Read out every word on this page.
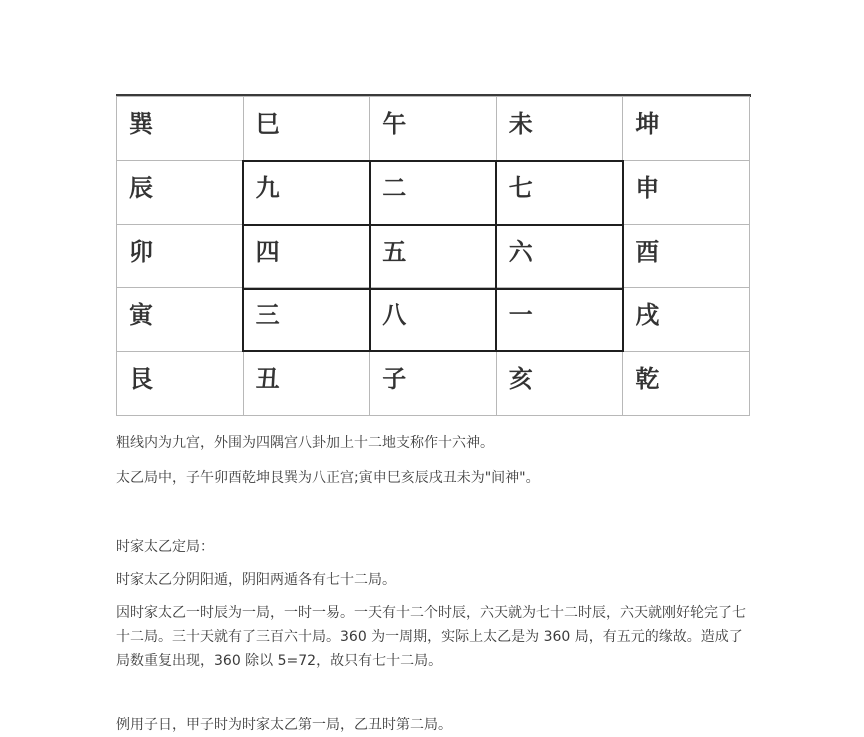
巽	巳	午	未	坤

辰	九	二	七	申

卯	四	五	六	酉

寅	三	八	一	戌

艮	丑	子	亥	乾

粗线内为九宫，外围为四隅宫八卦加上十二地支称作十六神。

太乙局中，子午卯酉乾坤艮巽为八正宫;寅申巳亥辰戌丑未为"间神"。

时家太乙定局：

时家太乙分阴阳遁，阴阳两遁各有七十二局。

因时家太乙一时辰为一局，一时一易。一天有十二个时辰，六天就为七十二时辰，六天就刚好轮完了七十二局。三十天就有了三百六十局。360 为一周期，实际上太乙是为 360 局，有五元的缘故。造成了局数重复出现，360 除以 5=72，故只有七十二局。

例用子日，甲子时为时家太乙第一局，乙丑时第二局。
